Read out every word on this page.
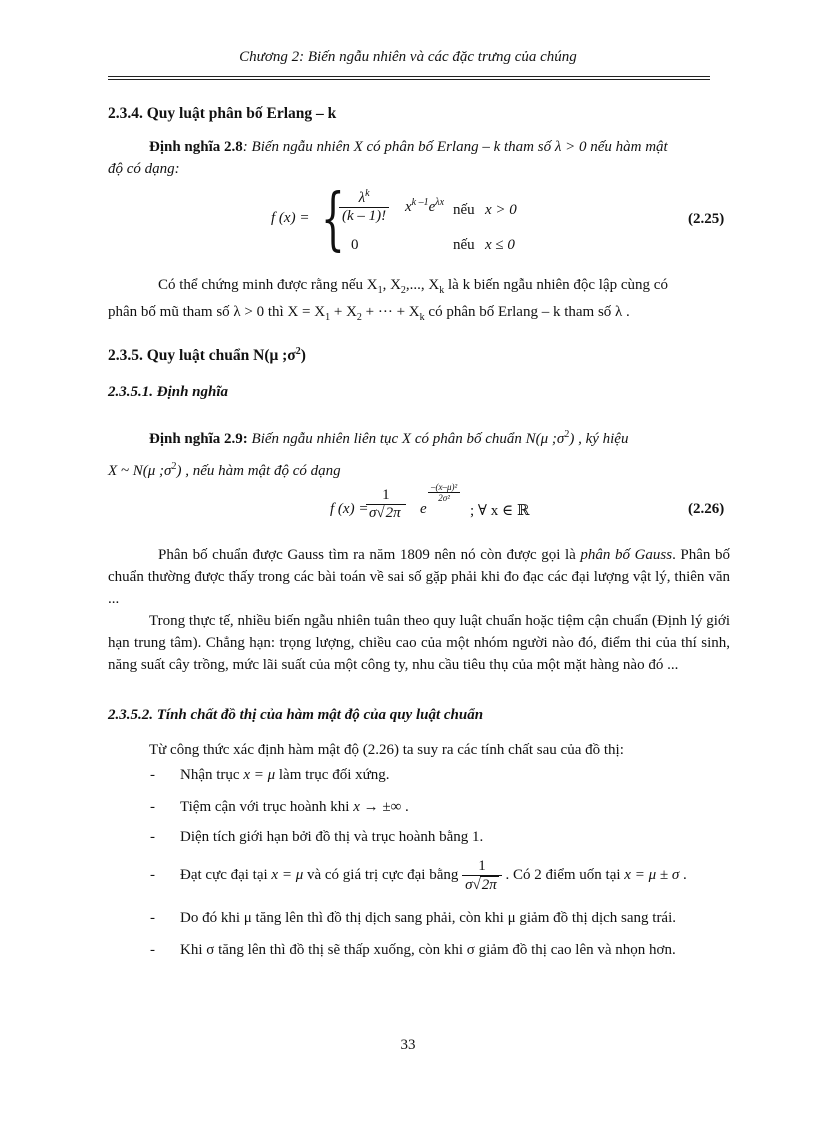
Chương 2: Biến ngẫu nhiên và các đặc trưng của chúng
2.3.4. Quy luật phân bố Erlang – k
Định nghĩa 2.8: Biến ngẫu nhiên X có phân bố Erlang – k tham số λ > 0 nếu hàm mật
độ có dạng:
f (x) = {
$\frac{\lambda^k}{(k - 1)!} x^{k -1}e^{\lambda x}$ nếu x > 0
0	nếu x ≤ 0
(2.25)
Có thể chứng minh được rằng nếu $X_1$, $X_2$,..., $X_k$ là k biến ngẫu nhiên độc lập cùng có
phân bố mũ tham số λ > 0 thì $X = X_1 + X_2$ + ··· + $X_k$ có phân bố Erlang – k tham số λ .
2.3.5. Quy luật chuẩn N(μ $;\sigma^2$)
2.3.5.1. Định nghĩa
Định nghĩa 2.9: Biến ngẫu nhiên liên tục X có phân bố chuẩn N(μ $;\sigma^2$) , ký hiệu
X ~ N(μ $;\sigma^2$) , nếu hàm mật độ có dạng
f (x) =
$\frac{1}{\sigma√2\pi}$ e
$\frac{\text{–(x–μ)²}}{\text{2σ²}}$
; ∀ x ∈ ℝ	(2.26)
Phân bố chuẩn được Gauss tìm ra năm 1809 nên nó còn được gọi là phân bố Gauss. Phân bố chuẩn thường được thấy trong các bài toán về sai số gặp phải khi đo đạc các đại lượng vật lý, thiên văn ...
Trong thực tế, nhiều biến ngẫu nhiên tuân theo quy luật chuẩn hoặc tiệm cận chuẩn (Định lý giới hạn trung tâm). Chẳng hạn: trọng lượng, chiều cao của một nhóm người nào đó, điểm thi của thí sinh, năng suất cây trồng, mức lãi suất của một công ty, nhu cầu tiêu thụ của một mặt hàng nào đó ...
2.3.5.2. Tính chất đồ thị của hàm mật độ của quy luật chuẩn
Từ công thức xác định hàm mật độ (2.26) ta suy ra các tính chất sau của đồ thị:
- Nhận trục x = μ làm trục đối xứng.
- Tiệm cận với trục hoành khi x → ±∞ .
- Diện tích giới hạn bởi đồ thị và trục hoành bằng 1.
- Đạt cực đại tại x = μ và có giá trị cực đại bằng $\frac{1}{\sigma√2\pi}$ . Có 2 điểm uốn tại x = μ ± σ .
- Do đó khi μ tăng lên thì đồ thị dịch sang phải, còn khi μ giảm đồ thị dịch sang trái.
- Khi σ tăng lên thì đồ thị sẽ thấp xuống, còn khi σ giảm đồ thị cao lên và nhọn hơn.
33
